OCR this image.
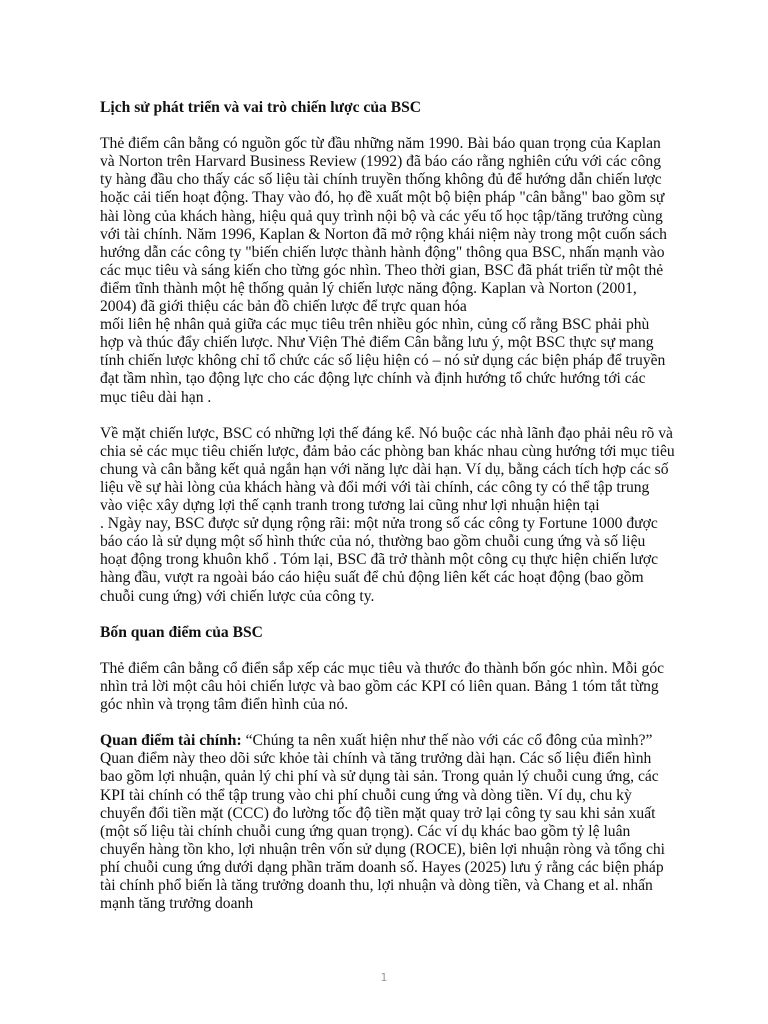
Lịch sử phát triển và vai trò chiến lược của BSC

Thẻ điểm cân bằng có nguồn gốc từ đầu những năm 1990. Bài báo quan trọng của Kaplan và Norton trên Harvard Business Review (1992) đã báo cáo rằng nghiên cứu với các công ty hàng đầu cho thấy các số liệu tài chính truyền thống không đủ để hướng dẫn chiến lược hoặc cải tiến hoạt động. Thay vào đó, họ đề xuất một bộ biện pháp "cân bằng" bao gồm sự hài lòng của khách hàng, hiệu quả quy trình nội bộ và các yếu tố học tập/tăng trưởng cùng với tài chính. Năm 1996, Kaplan & Norton đã mở rộng khái niệm này trong một cuốn sách hướng dẫn các công ty "biến chiến lược thành hành động" thông qua BSC, nhấn mạnh vào các mục tiêu và sáng kiến cho từng góc nhìn. Theo thời gian, BSC đã phát triển từ một thẻ điểm tĩnh thành một hệ thống quản lý chiến lược năng động. Kaplan và Norton (2001, 2004) đã giới thiệu các bản đồ chiến lược để trực quan hóa

mối liên hệ nhân quả giữa các mục tiêu trên nhiều góc nhìn, củng cố rằng BSC phải phù hợp và thúc đẩy chiến lược. Như Viện Thẻ điểm Cân bằng lưu ý, một BSC thực sự mang tính chiến lược không chỉ tổ chức các số liệu hiện có – nó sử dụng các biện pháp để truyền đạt tầm nhìn, tạo động lực cho các động lực chính và định hướng tổ chức hướng tới các mục tiêu dài hạn .

Về mặt chiến lược, BSC có những lợi thế đáng kể. Nó buộc các nhà lãnh đạo phải nêu rõ và chia sẻ các mục tiêu chiến lược, đảm bảo các phòng ban khác nhau cùng hướng tới mục tiêu chung và cân bằng kết quả ngắn hạn với năng lực dài hạn. Ví dụ, bằng cách tích hợp các số liệu về sự hài lòng của khách hàng và đổi mới với tài chính, các công ty có thể tập trung vào việc xây dựng lợi thế cạnh tranh trong tương lai cũng như lợi nhuận hiện tại

. Ngày nay, BSC được sử dụng rộng rãi: một nửa trong số các công ty Fortune 1000 được báo cáo là sử dụng một số hình thức của nó, thường bao gồm chuỗi cung ứng và số liệu hoạt động trong khuôn khổ . Tóm lại, BSC đã trở thành một công cụ thực hiện chiến lược hàng đầu, vượt ra ngoài báo cáo hiệu suất để chủ động liên kết các hoạt động (bao gồm chuỗi cung ứng) với chiến lược của công ty.

Bốn quan điểm của BSC

Thẻ điểm cân bằng cổ điển sắp xếp các mục tiêu và thước đo thành bốn góc nhìn. Mỗi góc nhìn trả lời một câu hỏi chiến lược và bao gồm các KPI có liên quan. Bảng 1 tóm tắt từng góc nhìn và trọng tâm điển hình của nó.

Quan điểm tài chính: “Chúng ta nên xuất hiện như thế nào với các cổ đông của mình?” Quan điểm này theo dõi sức khỏe tài chính và tăng trưởng dài hạn. Các số liệu điển hình bao gồm lợi nhuận, quản lý chi phí và sử dụng tài sản. Trong quản lý chuỗi cung ứng, các KPI tài chính có thể tập trung vào chi phí chuỗi cung ứng và dòng tiền. Ví dụ, chu kỳ chuyển đổi tiền mặt (CCC) đo lường tốc độ tiền mặt quay trở lại công ty sau khi sản xuất (một số liệu tài chính chuỗi cung ứng quan trọng). Các ví dụ khác bao gồm tỷ lệ luân chuyển hàng tồn kho, lợi nhuận trên vốn sử dụng (ROCE), biên lợi nhuận ròng và tổng chi phí chuỗi cung ứng dưới dạng phần trăm doanh số. Hayes (2025) lưu ý rằng các biện pháp tài chính phổ biến là tăng trưởng doanh thu, lợi nhuận và dòng tiền, và Chang et al. nhấn mạnh tăng trưởng doanh

1
